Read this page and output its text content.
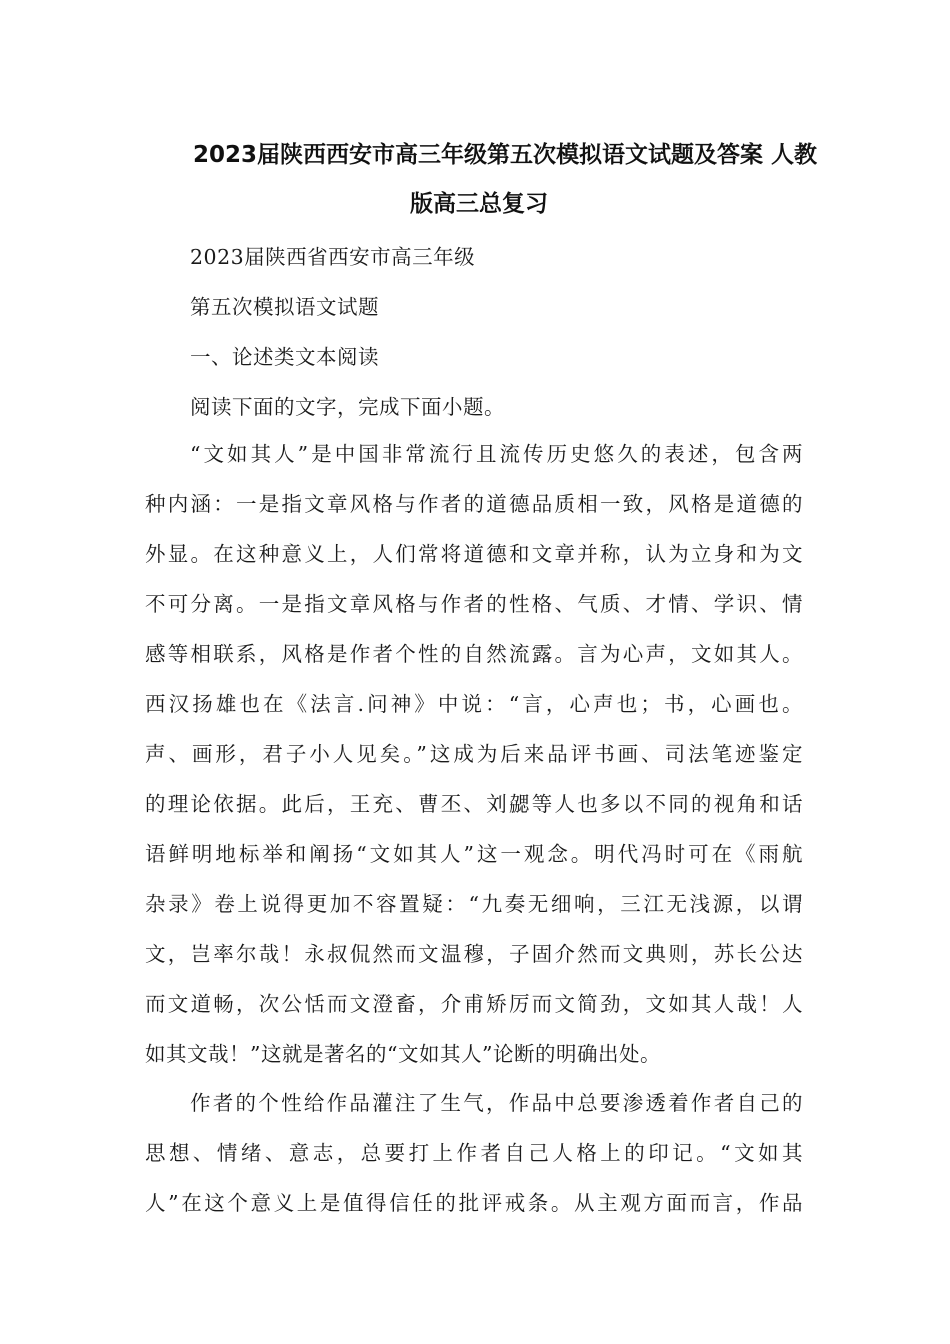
2023届陕西西安市高三年级第五次模拟语文试题及答案 人教
版高三总复习
2023届陕西省西安市高三年级
第五次模拟语文试题
一、论述类文本阅读
阅读下面的文字，完成下面小题。
“文如其人”是中国非常流行且流传历史悠久的表述，包含两
种内涵：一是指文章风格与作者的道德品质相一致，风格是道德的
外显。在这种意义上，人们常将道德和文章并称，认为立身和为文
不可分离。一是指文章风格与作者的性格、气质、才情、学识、情
感等相联系，风格是作者个性的自然流露。言为心声，文如其人。
西汉扬雄也在《法言.问神》中说：“言，心声也；书，心画也。
声、画形，君子小人见矣。”这成为后来品评书画、司法笔迹鉴定
的理论依据。此后，王充、曹丕、刘勰等人也多以不同的视角和话
语鲜明地标举和阐扬“文如其人”这一观念。明代冯时可在《雨航
杂录》卷上说得更加不容置疑：“九奏无细响，三江无浅源，以谓
文，岂率尔哉！永叔侃然而文温穆，子固介然而文典则，苏长公达
而文道畅，次公恬而文澄畜，介甫矫厉而文简劲，文如其人哉！人
如其文哉！”这就是著名的“文如其人”论断的明确出处。
作者的个性给作品灌注了生气，作品中总要渗透着作者自己的
思想、情绪、意志，总要打上作者自己人格上的印记。“文如其
人”在这个意义上是值得信任的批评戒条。从主观方面而言，作品
